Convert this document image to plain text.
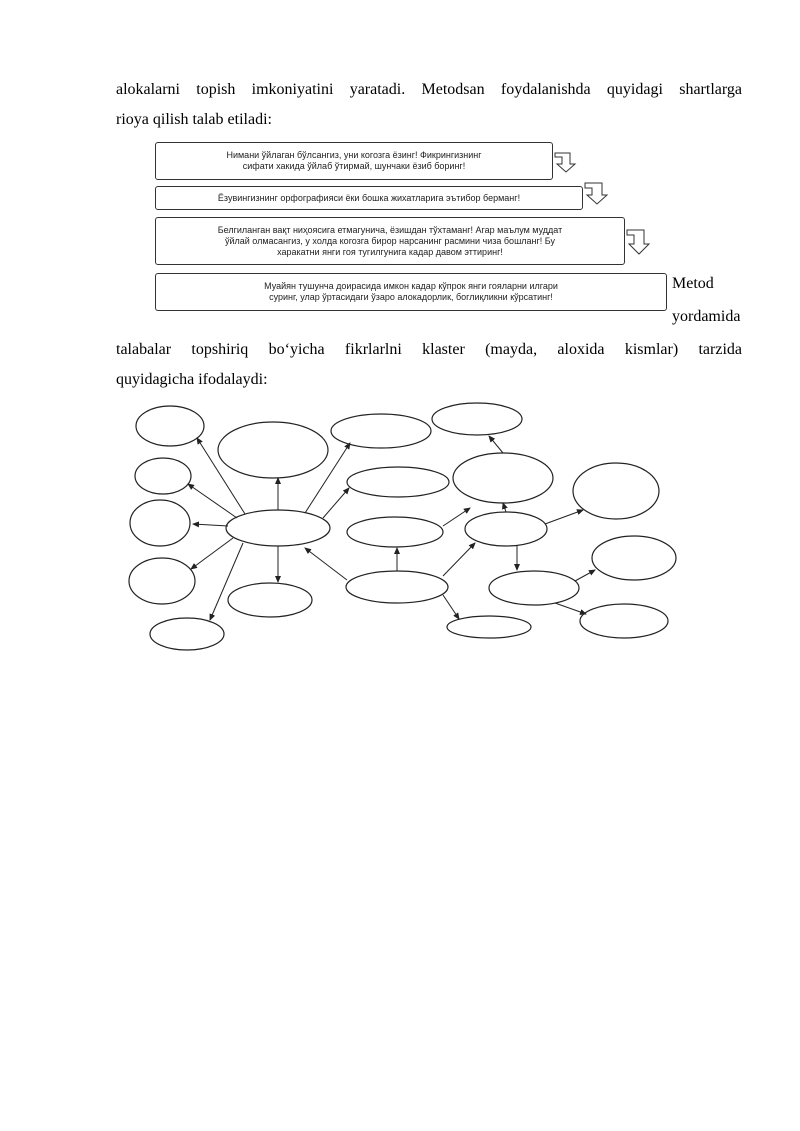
alokalarni topish imkoniyatini yaratadi. Metodsan foydalanishda quyidagi shartlarga
rioya qilish talab etiladi:
Нимани ўйлаган бўлсангиз, уни когозга ёзинг! Фикрингизнинг
сифати хакида ўйлаб ўтирмай, шунчаки ёзиб боринг!
Ёзувингизнинг орфографияси ёки бошка жихатларига эътибор берманг!
Белгиланган вақт ниҳоясига етмагунича, ёзишдан тўхтаманг! Агар маълум муддат
ўйлай олмасангиз, у холда когозга бирор нарсанинг расмини чиза бошланг! Бу
харакатни янги гоя тугилгунига кадар давом эттиринг!
Муайян тушунча доирасида имкон кадар кўпрок янги гояларни илгари
суринг, улар ўртасидаги ўзаро алокадорлик, боглиқликни кўрсатинг!
Metod
yordamida
talabalar topshiriq bo‘yicha fikrlarlni klaster (mayda, aloxida kismlar) tarzida
quyidagicha ifodalaydi:
